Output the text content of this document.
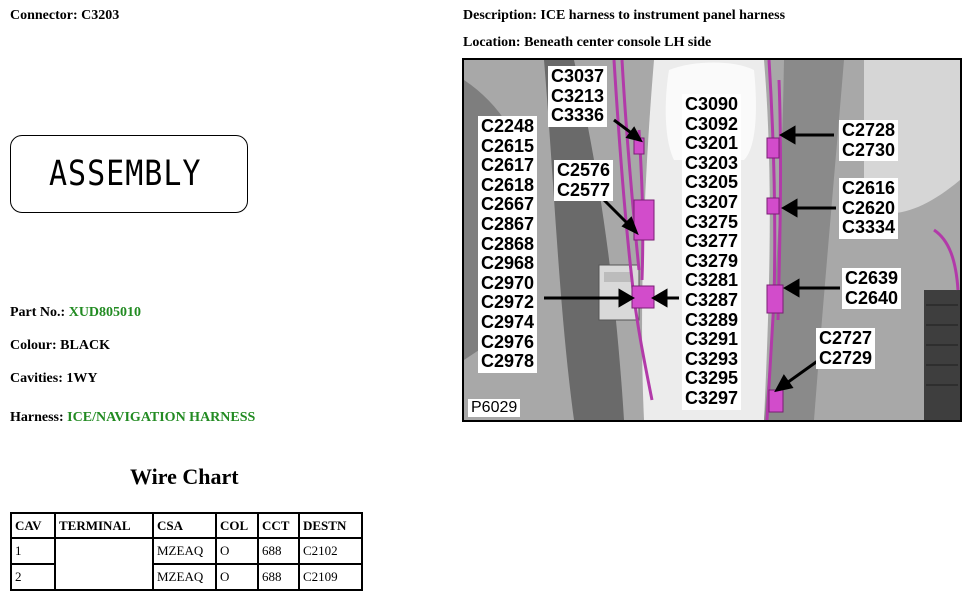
Connector: C3203	Description: ICE harness to instrument panel harness
Location: Beneath center console LH side
ASSEMBLY
Part No.: XUD805010
Colour: BLACK
Cavities: 1WY
Harness: ICE/NAVIGATION HARNESS
Wire Chart
CAV	TERMINAL	CSA	COL	CCT	DESTN
1		MZEAQ	O	688	C2102
2		MZEAQ	O	688	C2109
C3037
C3213
C3336
C2248
C2615
C2617
C2618
C2667
C2867
C2868
C2968
C2970
C2972
C2974
C2976
C2978
C2576
C2577
C3090
C3092
C3201
C3203
C3205
C3207
C3275
C3277
C3279
C3281
C3287
C3289
C3291
C3293
C3295
C3297
C2728
C2730
C2616
C2620
C3334
C2639
C2640
C2727
C2729
P6029
